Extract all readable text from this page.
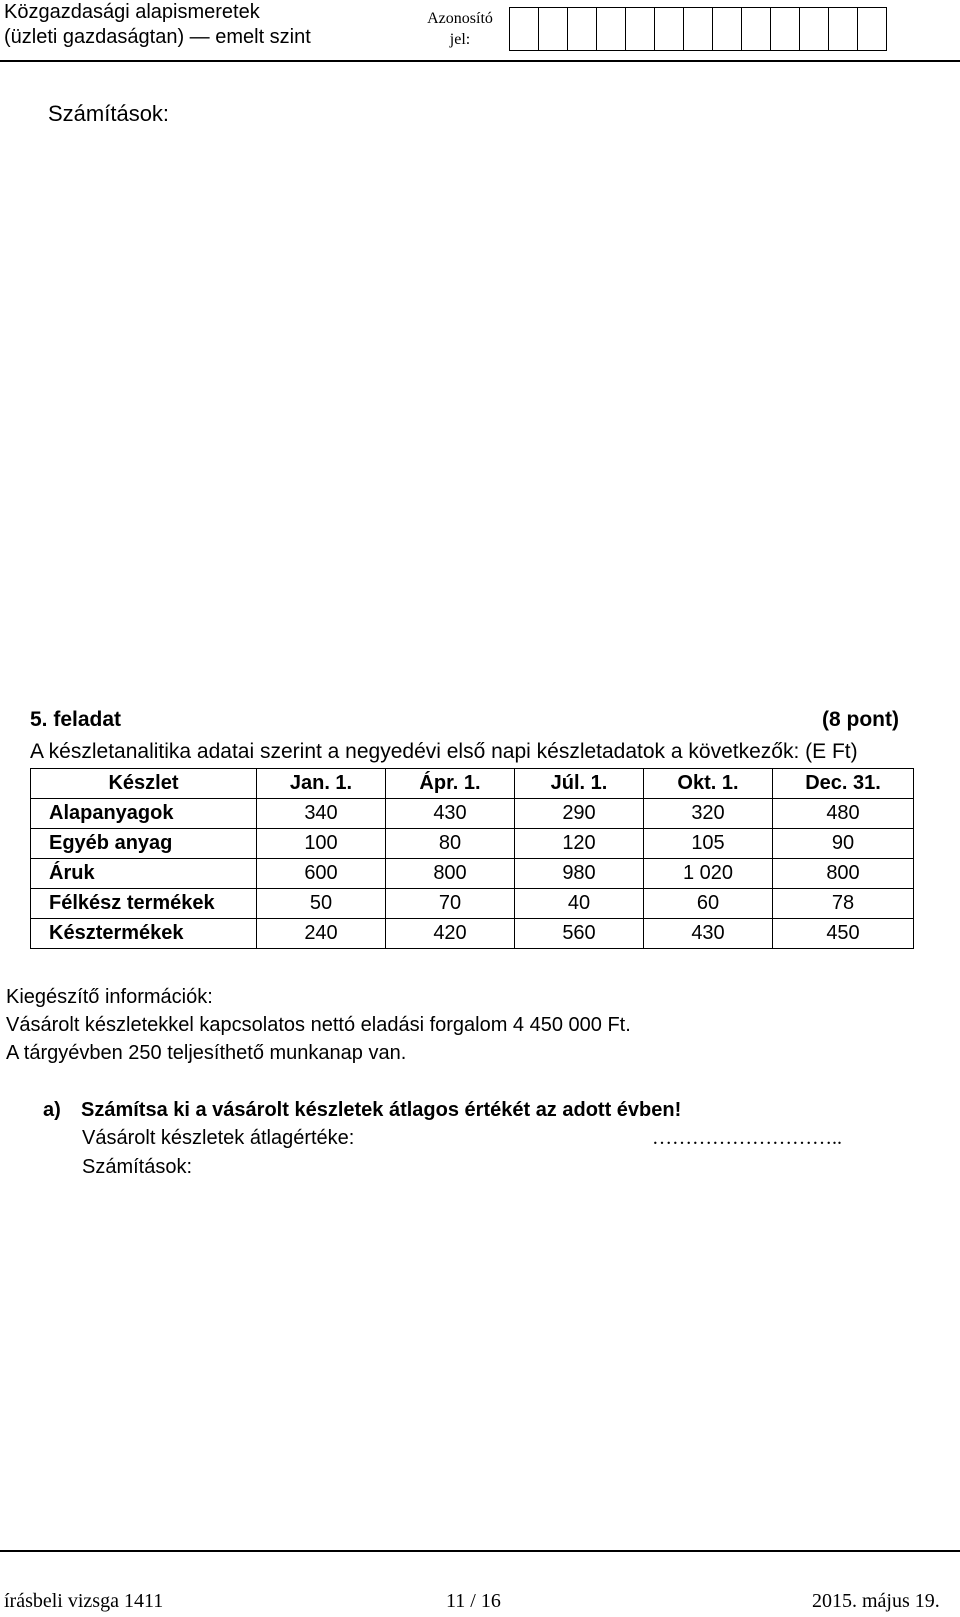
Közgazdasági alapismeretek
(üzleti gazdaságtan) — emelt szint
Azonosító
jel:
Számítások:
5. feladat	(8 pont)
A készletanalitika adatai szerint a negyedévi első napi készletadatok a következők: (E Ft)
Készlet	Jan. 1.	Ápr. 1.	Júl. 1.	Okt. 1.	Dec. 31.
Alapanyagok	340	430	290	320	480
Egyéb anyag	100	80	120	105	90
Áruk	600	800	980	1 020	800
Félkész termékek	50	70	40	60	78
Késztermékek	240	420	560	430	450
Kiegészítő információk:
Vásárolt készletekkel kapcsolatos nettó eladási forgalom 4 450 000 Ft.
A tárgyévben 250 teljesíthető munkanap van.
a) Számítsa ki a vásárolt készletek átlagos értékét az adott évben!
Vásárolt készletek átlagértéke:	………………………..
Számítások:
írásbeli vizsga 1411	11 / 16	2015. május 19.
